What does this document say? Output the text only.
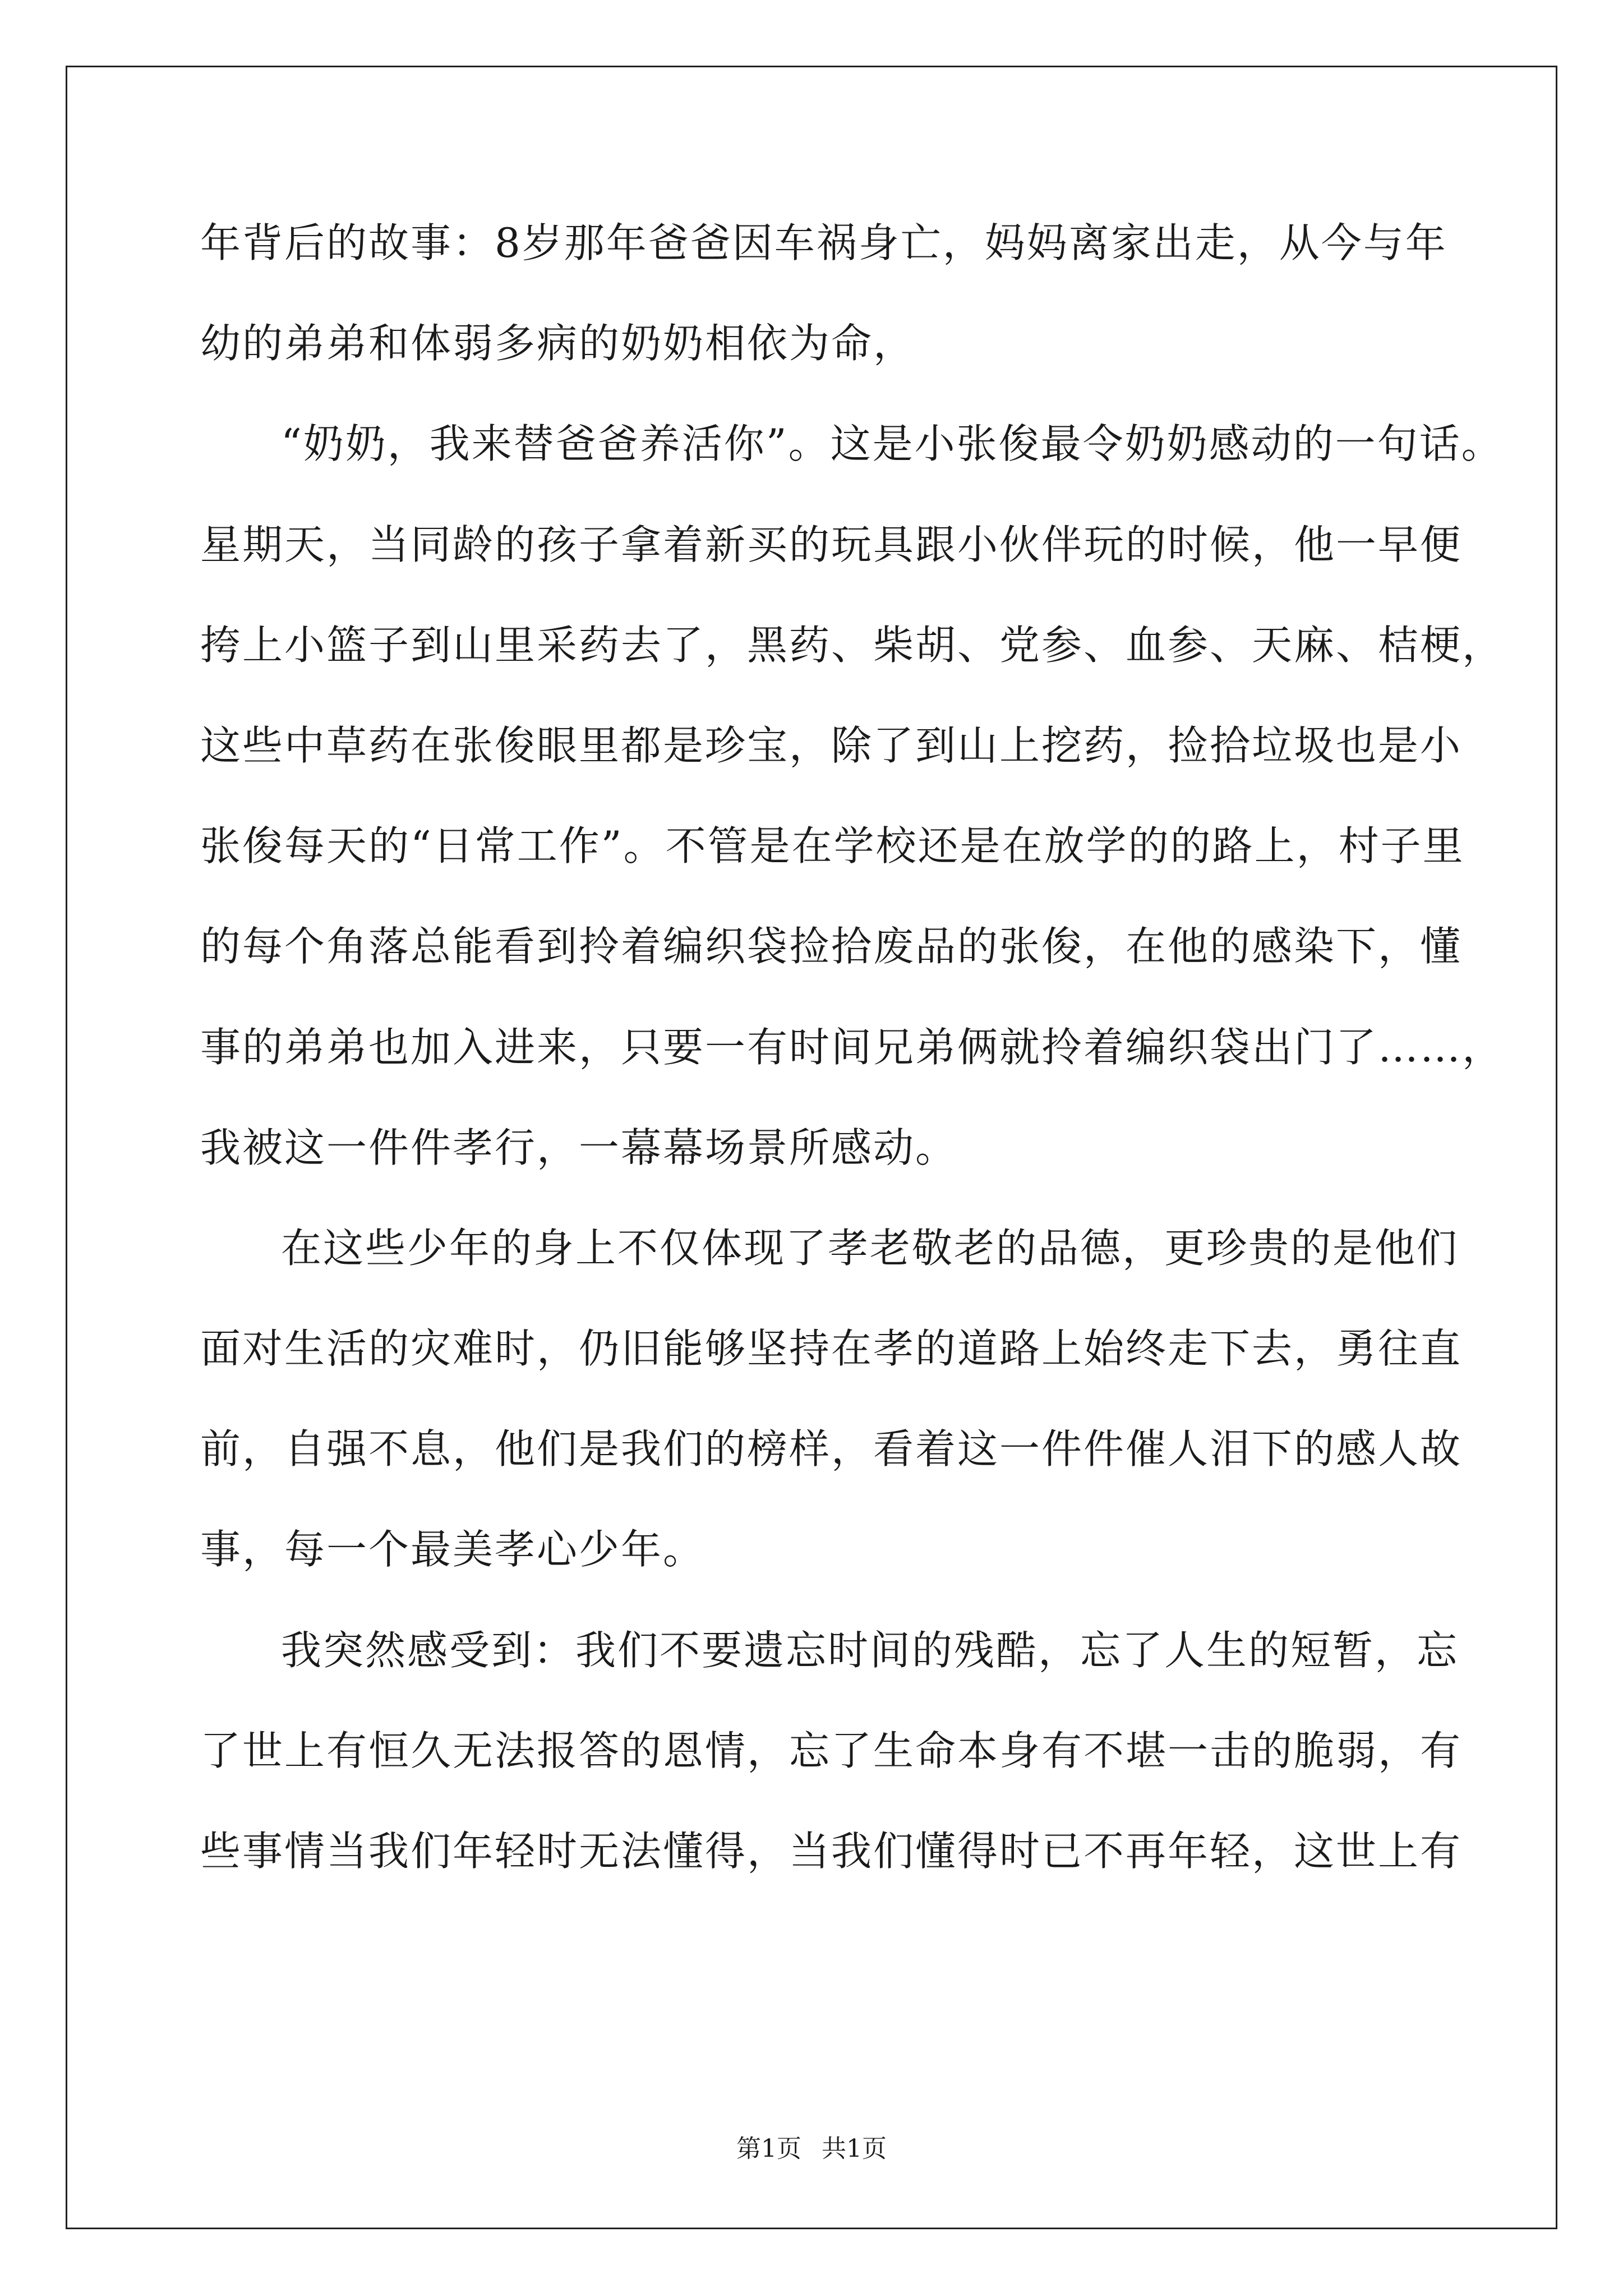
年背后的故事：8岁那年爸爸因车祸身亡，妈妈离家出走，从今与年
幼的弟弟和体弱多病的奶奶相依为命，
“奶奶，我来替爸爸养活你”。这是小张俊最令奶奶感动的一句话。
星期天，当同龄的孩子拿着新买的玩具跟小伙伴玩的时候，他一早便
挎上小篮子到山里采药去了，黑药、柴胡、党参、血参、天麻、桔梗，
这些中草药在张俊眼里都是珍宝，除了到山上挖药，捡拾垃圾也是小
张俊每天的“日常工作”。不管是在学校还是在放学的的路上，村子里
的每个角落总能看到拎着编织袋捡拾废品的张俊，在他的感染下，懂
事的弟弟也加入进来，只要一有时间兄弟俩就拎着编织袋出门了……，
我被这一件件孝行，一幕幕场景所感动。
在这些少年的身上不仅体现了孝老敬老的品德，更珍贵的是他们
面对生活的灾难时，仍旧能够坚持在孝的道路上始终走下去，勇往直
前，自强不息，他们是我们的榜样，看着这一件件催人泪下的感人故
事，每一个最美孝心少年。
我突然感受到：我们不要遗忘时间的残酷，忘了人生的短暂，忘
了世上有恒久无法报答的恩情，忘了生命本身有不堪一击的脆弱，有
些事情当我们年轻时无法懂得，当我们懂得时已不再年轻，这世上有
第1页 共1页
